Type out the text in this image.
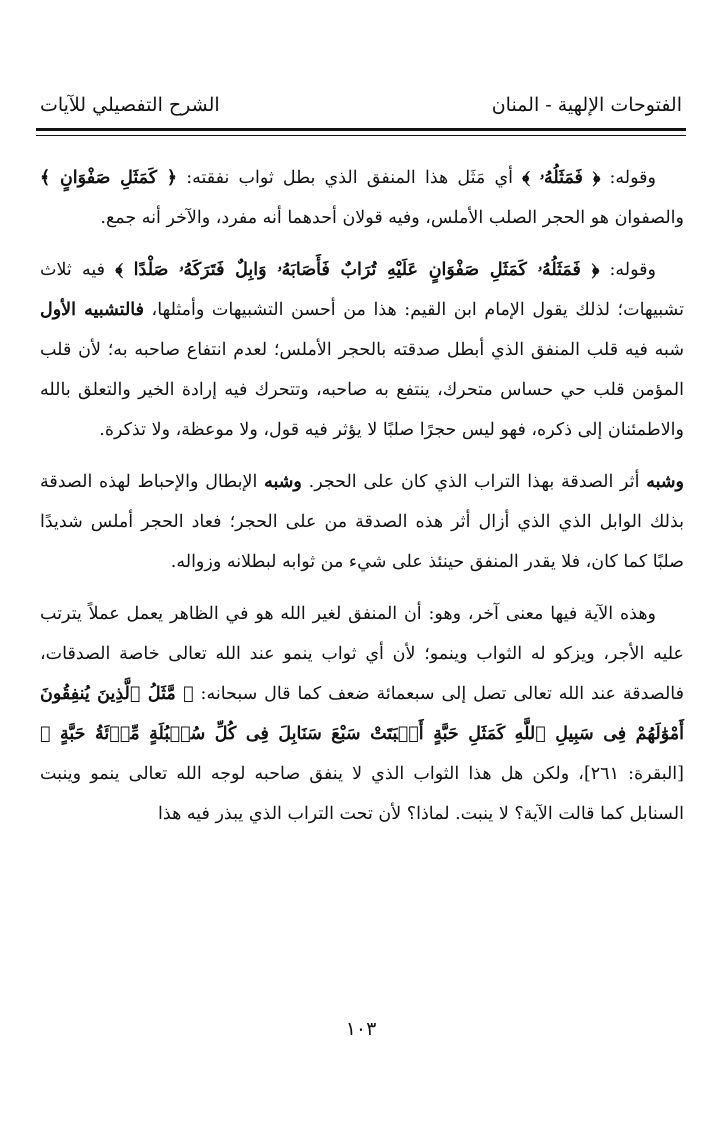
الفتوحات الإلهية - المنان
الشرح التفصيلي للآيات

وقوله: ﴿ فَمَثَلُهُۥ ﴾ أي مَثَل هذا المنفق الذي بطل ثواب نفقته: ﴿ كَمَثَلِ صَفْوَانٍ ﴾ والصفوان هو الحجر الصلب الأملس، وفيه قولان أحدهما أنه مفرد، والآخر أنه جمع.

وقوله: ﴿ فَمَثَلُهُۥ كَمَثَلِ صَفْوَانٍ عَلَيْهِ تُرَابٌ فَأَصَابَهُۥ وَابِلٌ فَتَرَكَهُۥ صَلْدًا ﴾ فيه ثلاث تشبيهات؛ لذلك يقول الإمام ابن القيم: هذا من أحسن التشبيهات وأمثلها، فالتشبيه الأول شبه فيه قلب المنفق الذي أبطل صدقته بالحجر الأملس؛ لعدم انتفاع صاحبه به؛ لأن قلب المؤمن قلب حي حساس متحرك، ينتفع به صاحبه، وتتحرك فيه إرادة الخير والتعلق بالله والاطمئنان إلى ذكره، فهو ليس حجرًا صلبًا لا يؤثر فيه قول، ولا موعظة، ولا تذكرة.

وشبه أثر الصدقة بهذا التراب الذي كان على الحجر. وشبه الإبطال والإحباط لهذه الصدقة بذلك الوابل الذي الذي أزال أثر هذه الصدقة من على الحجر؛ فعاد الحجر أملس شديدًا صلبًا كما كان، فلا يقدر المنفق حينئذ على شيء من ثوابه لبطلانه وزواله.

وهذه الآية فيها معنى آخر، وهو: أن المنفق لغير الله هو في الظاهر يعمل عملاً يترتب عليه الأجر، ويزكو له الثواب وينمو؛ لأن أي ثواب ينمو عند الله تعالى خاصة الصدقات، فالصدقة عند الله تعالى تصل إلى سبعمائة ضعف كما قال سبحانه: ﴿ مَّثَلُ ٱلَّذِينَ يُنفِقُونَ أَمْوَٰلَهُمْ فِى سَبِيلِ ٱللَّهِ كَمَثَلِ حَبَّةٍ أَنۢبَتَتْ سَبْعَ سَنَابِلَ فِى كُلِّ سُنۢبُلَةٍ مِّا۟ئَةُ حَبَّةٍ ﴾ [البقرة: ٢٦١]، ولكن هل هذا الثواب الذي لا ينفق صاحبه لوجه الله تعالى ينمو وينبت السنابل كما قالت الآية؟ لا ينبت. لماذا؟ لأن تحت التراب الذي يبذر فيه هذا

١٠٣
